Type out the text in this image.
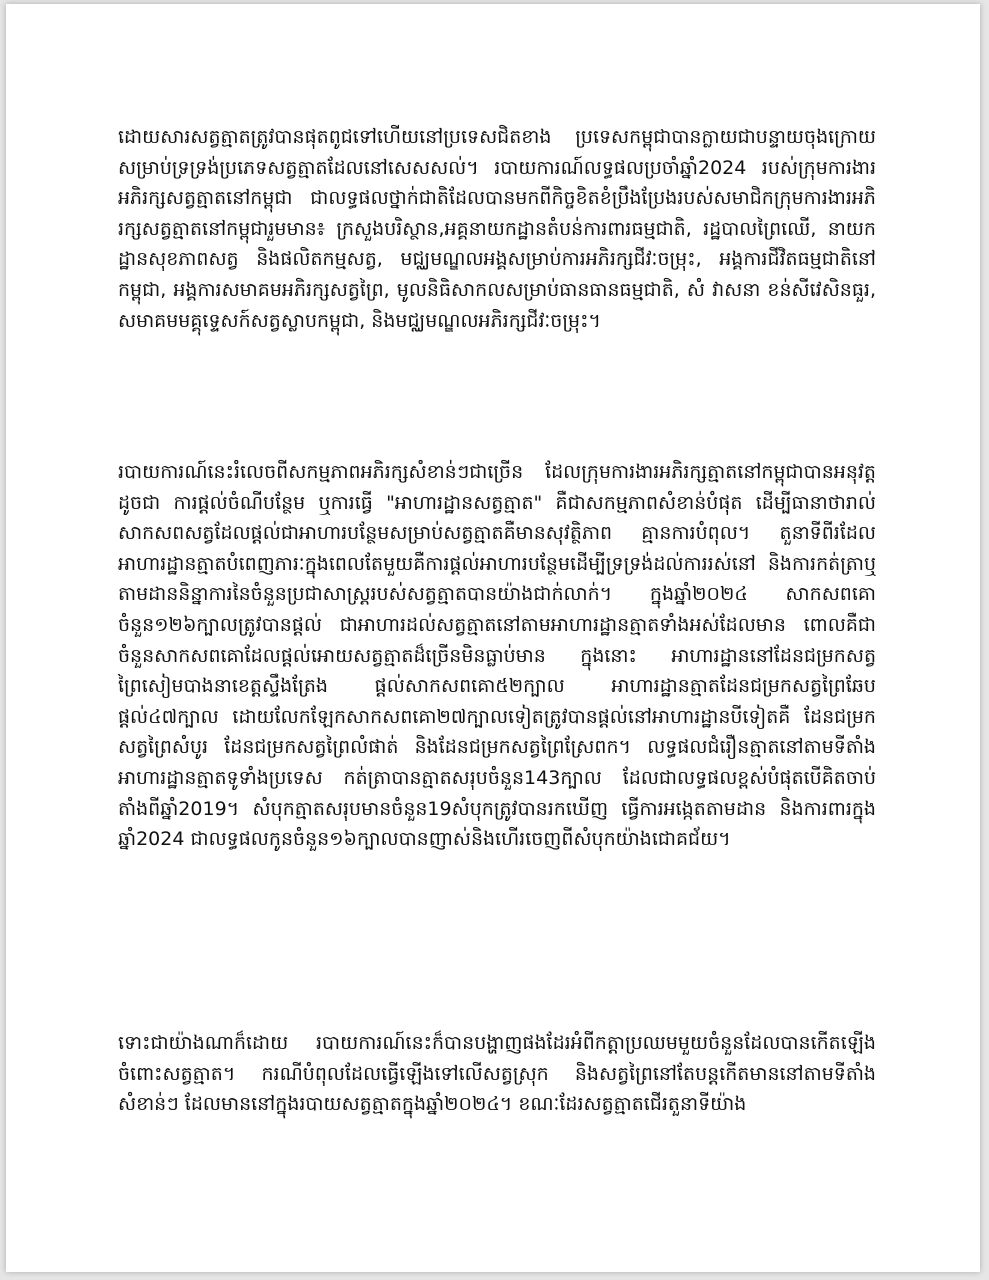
ដោយសារសត្វត្មាតត្រូវបានផុតពូជទៅហើយនៅប្រទេសជិតខាង ប្រទេសកម្ពុជាបានក្លាយជាបន្ទាយចុងក្រោយសម្រាប់ទ្រទ្រង់ប្រភេទសត្វត្មាតដែលនៅសេសសល់។ របាយការណ៍លទ្ធផលប្រចាំឆ្នាំ2024 របស់ក្រុមការងារអភិរក្សសត្វត្មាតនៅកម្ពុជា ជាលទ្ធផលថ្នាក់ជាតិដែលបានមកពីកិច្ចខិតខំប្រឹងប្រែងរបស់សមាជិកក្រុមការងារអភិរក្សសត្វត្មាតនៅកម្ពុជារួមមាន៖ ក្រសួងបរិស្ថាន,អគ្គនាយកដ្ឋានតំបន់ការពារធម្មជាតិ, រដ្ឋបាលព្រៃឈើ, នាយកដ្ឋានសុខភាពសត្វ និងផលិតកម្មសត្វ, មជ្ឈមណ្ឌលអង្គសម្រាប់ការអភិរក្សជីវៈចម្រុះ, អង្គការជីវិតធម្មជាតិនៅកម្ពុជា, អង្គការសមាគមអភិរក្សសត្វព្រៃ, មូលនិធិសាកលសម្រាប់ធានធានធម្មជាតិ, សំ វាសនា ខន់សីវេសិនធួរ, សមាគមមគ្គុទ្ទេសក៍សត្វស្លាបកម្ពុជា, និងមជ្ឈមណ្ឌលអភិរក្សជីវៈចម្រុះ។

របាយការណ៍នេះរំលេចពីសកម្មភាពអភិរក្សសំខាន់ៗជាច្រើន ដែលក្រុមការងារអភិរក្សត្មាតនៅកម្ពុជាបានអនុវត្តដូចជា ការផ្តល់ចំណីបន្ថែម ឬការធ្វើ "អាហារដ្ឋានសត្វត្មាត" គឺជាសកម្មភាពសំខាន់បំផុត ដើម្បីធានាថារាល់សាកសពសត្វដែលផ្តល់ជាអាហារបន្ថែមសម្រាប់សត្វត្មាតគឺមានសុវត្ថិភាព គ្មានការបំពុល។ តួនាទីពីរដែលអាហារដ្ឋានត្មាតបំពេញភារៈក្នុងពេលតែមួយគឺការផ្តល់អាហារបន្ថែមដើម្បីទ្រទ្រង់ដល់ការរស់នៅ និងការកត់ត្រាឬតាមដាននិន្នាការនៃចំនួនប្រជាសាស្ត្ររបស់សត្វត្មាតបានយ៉ាងជាក់លាក់។ ក្នុងឆ្នាំ២០២៤ សាកសពគោចំនួន១២៦ក្បាលត្រូវបានផ្តល់ ជាអាហារដល់សត្វត្មាតនៅតាមអាហារដ្ឋានត្មាតទាំងអស់ដែលមាន ពោលគឺជាចំនួនសាកសពគោដែលផ្តល់អោយសត្វត្មាតដ៏ច្រើនមិនធ្លាប់មាន ក្នុងនោះ អាហារដ្ឋាននៅដែនជម្រកសត្វព្រៃសៀមបាងនាខេត្តស្ទឹងត្រែង ផ្តល់សាកសពគោ៥២ក្បាល អាហារដ្ឋានត្មាតដែនជម្រកសត្វព្រៃឆែបផ្តល់៤៧ក្បាល ដោយលែកឡែកសាកសពគោ២៧ក្បាលទៀតត្រូវបានផ្តល់នៅអាហារដ្ឋានបីទៀតគឺ ដែនជម្រកសត្វព្រៃសំបូរ ដែនជម្រកសត្វព្រៃលំផាត់ និងដែនជម្រកសត្វព្រៃស្រែពក។ លទ្ធផលជំរឿនត្មាតនៅតាមទីតាំងអាហារដ្ឋានត្មាតទូទាំងប្រទេស កត់ត្រាបានត្មាតសរុបចំនួន143ក្បាល ដែលជាលទ្ធផលខ្ពស់បំផុតបើគិតចាប់តាំងពីឆ្នាំ2019។ សំបុកត្មាតសរុបមានចំនួន19សំបុកត្រូវបានរកឃើញ ធ្វើការអង្កេតតាមដាន និងការពារក្នុងឆ្នាំ2024 ជាលទ្ធផលកូនចំនួន១៦ក្បាលបានញាស់និងហើរចេញពីសំបុកយ៉ាងជោគជ័យ។

ទោះជាយ៉ាងណាក៏ដោយ របាយការណ៍នេះក៏បានបង្ហាញផងដែរអំពីកត្តាប្រឈមមួយចំនួនដែលបានកើតឡើងចំពោះសត្វត្មាត។ ករណីបំពុលដែលធ្វើឡើងទៅលើសត្វស្រុក និងសត្វព្រៃនៅតែបន្តកើតមាននៅតាមទីតាំងសំខាន់ៗ ដែលមាននៅក្នុងរបាយសត្វត្មាតក្នុងឆ្នាំ២០២៤។ ខណៈដែរសត្វត្មាតជើរតួនាទីយ៉ាង
